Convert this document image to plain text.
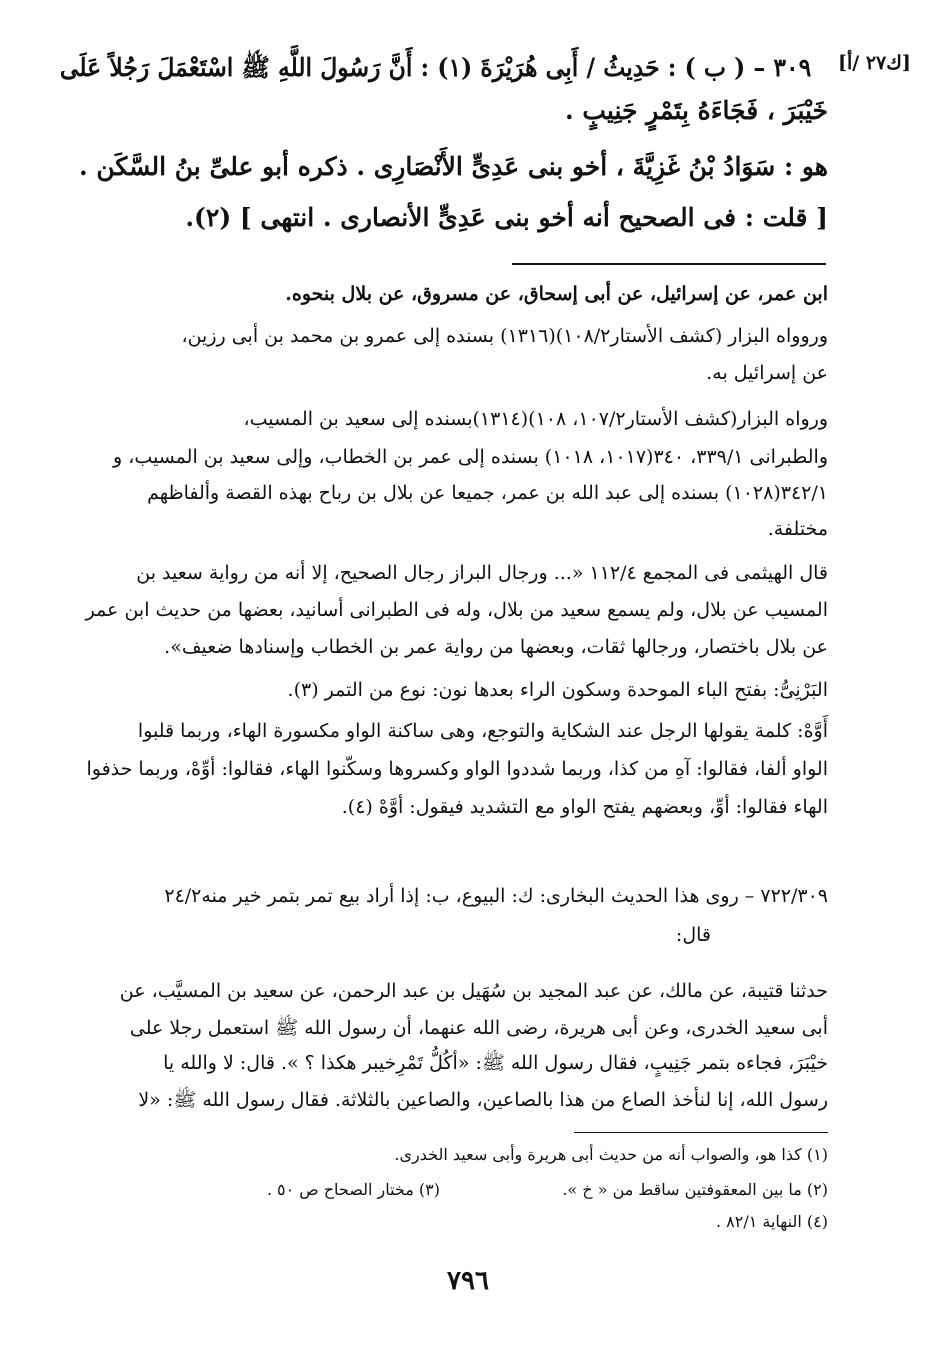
[ك٢٧ /أ]
٣٠٩ – ( ب ) : حَدِيثُ / أَبِى هُرَيْرَةَ (١) : أَنَّ رَسُولَ اللَّهِ ﷺ اسْتَعْمَلَ رَجُلاً عَلَى
خَيْبَرَ ، فَجَاءَهُ بِتَمْرٍ جَنِيبٍ .
هو : سَوَادُ بْنُ غَزِيَّةَ ، أخو بنى عَدِىٍّ الأَنْصَارِى . ذكره أبو علىِّ بنُ السَّكَن .
[ قلت : فى الصحيح أنه أخو بنى عَدِىٍّ الأنصارى . انتهى ] (٢).
ابن عمر، عن إسرائيل، عن أبى إسحاق، عن مسروق، عن بلال بنحوه.
وروواه البزار (كشف الأستار١٠٨/٢)(١٣١٦) بسنده إلى عمرو بن محمد بن أبى رزين،
عن إسرائيل به.
ورواه البزار(كشف الأستار١٠٧/٢، ١٠٨)(١٣١٤)بسنده إلى سعيد بن المسيب،
والطبرانى ٣٣٩/١، ٣٤٠(١٠١٧، ١٠١٨) بسنده إلى عمر بن الخطاب، وإلى سعيد بن المسيب، و
٣٤٢/١(١٠٢٨) بسنده إلى عبد الله بن عمر، جميعا عن بلال بن رباح بهذه القصة وألفاظهم
مختلفة.
قال الهيثمى فى المجمع ١١٢/٤ «... ورجال البراز رجال الصحيح، إلا أنه من رواية سعيد بن
المسيب عن بلال، ولم يسمع سعيد من بلال، وله فى الطبرانى أسانيد، بعضها من حديث ابن عمر
عن بلال باختصار، ورجالها ثقات، وبعضها من رواية عمر بن الخطاب وإسنادها ضعيف».
البَرْنِىُّ: بفتح الباء الموحدة وسكون الراء بعدها نون: نوع من التمر (٣).
أَوَّهْ: كلمة يقولها الرجل عند الشكاية والتوجع، وهى ساكنة الواو مكسورة الهاء، وربما قلبوا
الواو ألفا، فقالوا: آهِ من كذا، وربما شددوا الواو وكسروها وسكّنوا الهاء، فقالوا: أوِّهْ، وربما حذفوا
الهاء فقالوا: أوِّ، وبعضهم يفتح الواو مع التشديد فيقول: أوَّهْ (٤).
٧٢٢/٣٠٩ – روى هذا الحديث البخارى: ك: البيوع، ب: إذا أراد بيع تمر بتمر خير منه٢٤/٢
قال:
حدثنا قتيبة، عن مالك، عن عبد المجيد بن سُهَيل بن عبد الرحمن، عن سعيد بن المسيَّب، عن
أبى سعيد الخدرى، وعن أبى هريرة، رضى الله عنهما، أن رسول الله ﷺ استعمل رجلا على
خيْبَرَ، فجاءه بتمر جَنِيبٍ، فقال رسول الله ﷺ: «أكُلُّ تَمْرِخيبر هكذا ؟ ». قال: لا والله يا
رسول الله، إنا لنأخذ الصاع من هذا بالصاعين، والصاعين بالثلاثة. فقال رسول الله ﷺ: «لا
(١) كذا هو، والصواب أنه من حديث أبى هريرة وأبى سعيد الخدرى.
(٢) ما بين المعقوفتين ساقط من « خ ».
(٣) مختار الصحاح ص ٥٠ .
(٤) النهاية ٨٢/١ .
٧٩٦
